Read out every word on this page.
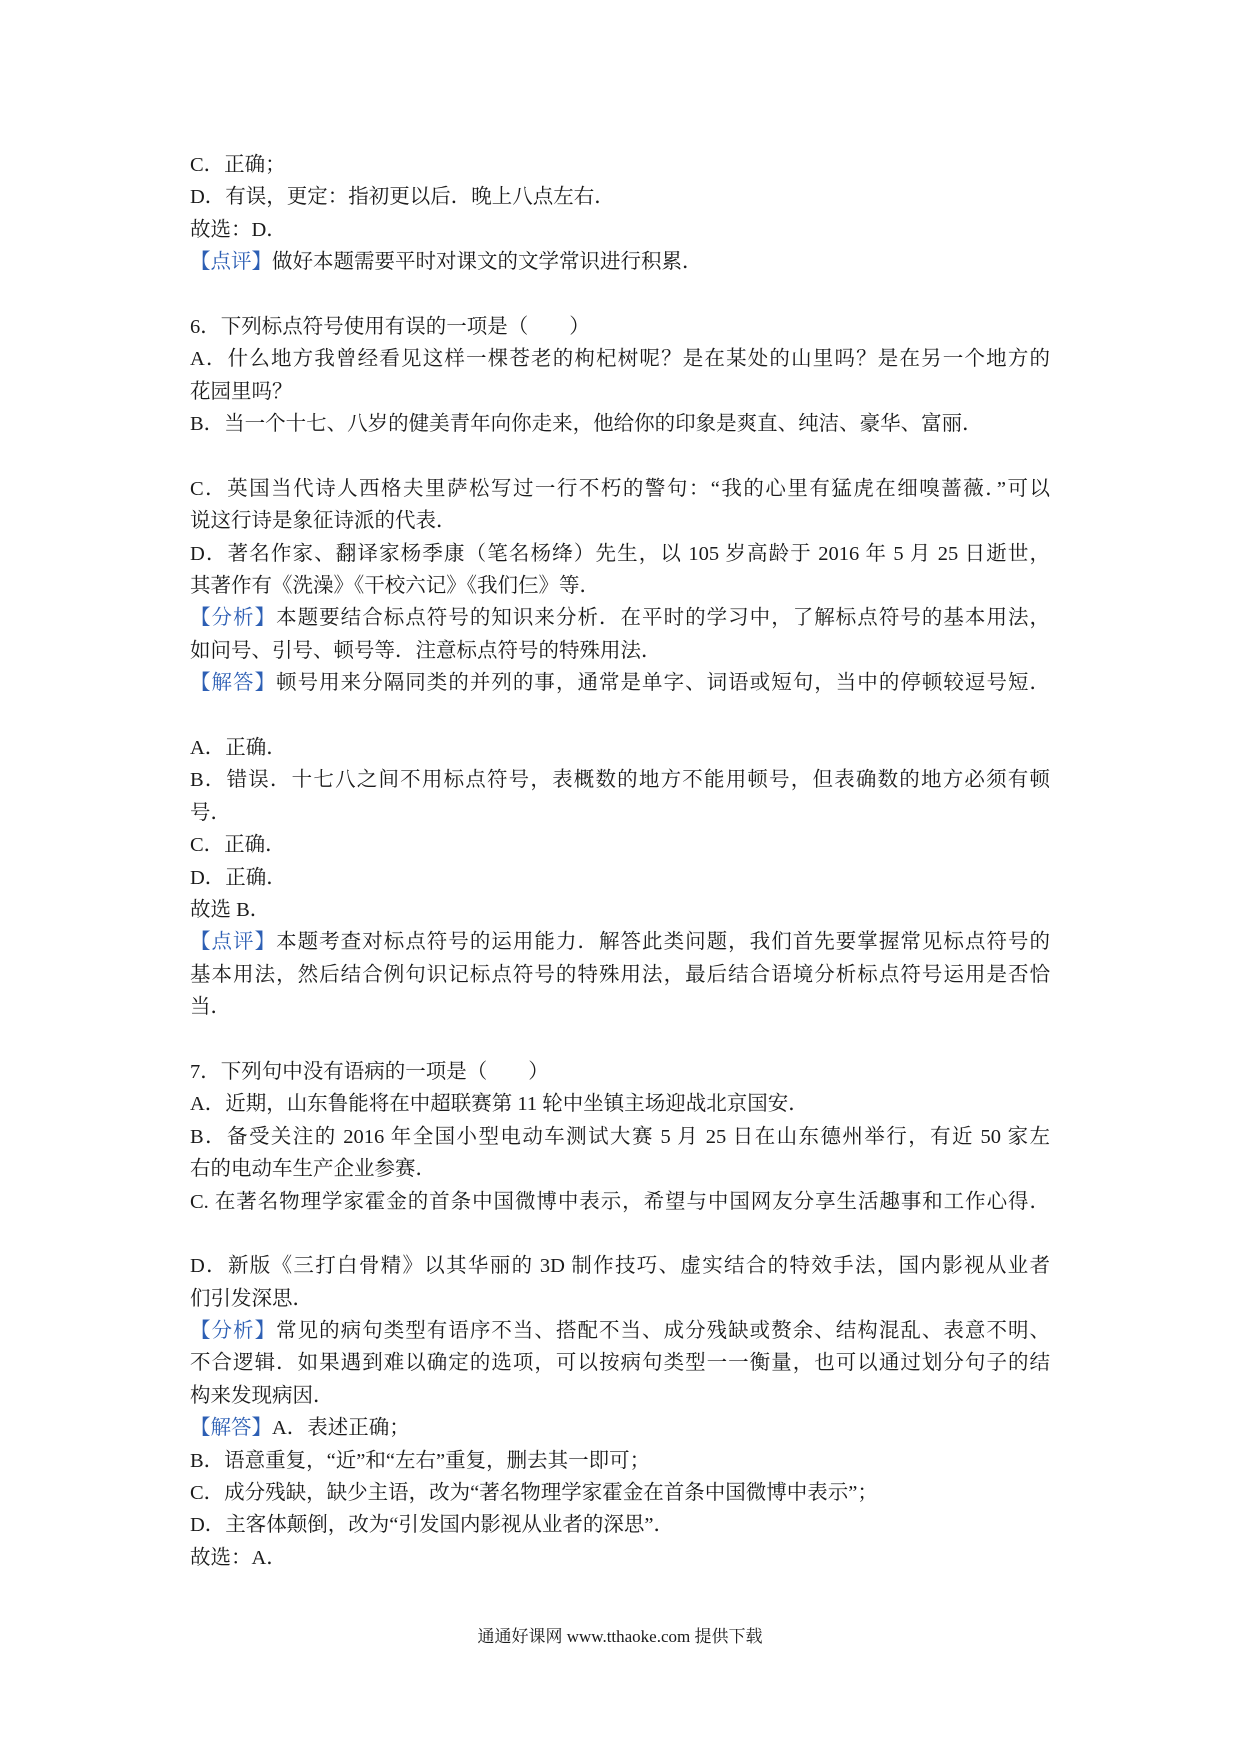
C．正确；
D．有误，更定：指初更以后．晚上八点左右．
故选：D．
【点评】做好本题需要平时对课文的文学常识进行积累．
6．下列标点符号使用有误的一项是（　　）
A．什么地方我曾经看见这样一棵苍老的枸杞树呢？是在某处的山里吗？是在另一个地方的
花园里吗？
B．当一个十七、八岁的健美青年向你走来，他给你的印象是爽直、纯洁、豪华、富丽．
C．英国当代诗人西格夫里萨松写过一行不朽的警句：“我的心里有猛虎在细嗅蔷薇．”可以
说这行诗是象征诗派的代表．
D．著名作家、翻译家杨季康（笔名杨绛）先生，以 105 岁高龄于 2016 年 5 月 25 日逝世，
其著作有《洗澡》《干校六记》《我们仨》等．
【分析】本题要结合标点符号的知识来分析．在平时的学习中，了解标点符号的基本用法，
如问号、引号、顿号等．注意标点符号的特殊用法．
【解答】顿号用来分隔同类的并列的事，通常是单字、词语或短句，当中的停顿较逗号短．
A．正确．
B．错误．十七八之间不用标点符号，表概数的地方不能用顿号，但表确数的地方必须有顿
号．
C．正确．
D．正确．
故选 B．
【点评】本题考查对标点符号的运用能力．解答此类问题，我们首先要掌握常见标点符号的
基本用法，然后结合例句识记标点符号的特殊用法，最后结合语境分析标点符号运用是否恰
当．
7．下列句中没有语病的一项是（　　）
A．近期，山东鲁能将在中超联赛第 11 轮中坐镇主场迎战北京国安．
B．备受关注的 2016 年全国小型电动车测试大赛 5 月 25 日在山东德州举行，有近 50 家左
右的电动车生产企业参赛．
C. 在著名物理学家霍金的首条中国微博中表示，希望与中国网友分享生活趣事和工作心得．
D．新版《三打白骨精》以其华丽的 3D 制作技巧、虚实结合的特效手法，国内影视从业者
们引发深思．
【分析】常见的病句类型有语序不当、搭配不当、成分残缺或赘余、结构混乱、表意不明、
不合逻辑．如果遇到难以确定的选项，可以按病句类型一一衡量，也可以通过划分句子的结
构来发现病因．
【解答】A．表述正确；
B．语意重复，“近”和“左右”重复，删去其一即可；
C．成分残缺，缺少主语，改为“著名物理学家霍金在首条中国微博中表示”；
D．主客体颠倒，改为“引发国内影视从业者的深思”．
故选：A．
通通好课网 www.tthaoke.com 提供下载
